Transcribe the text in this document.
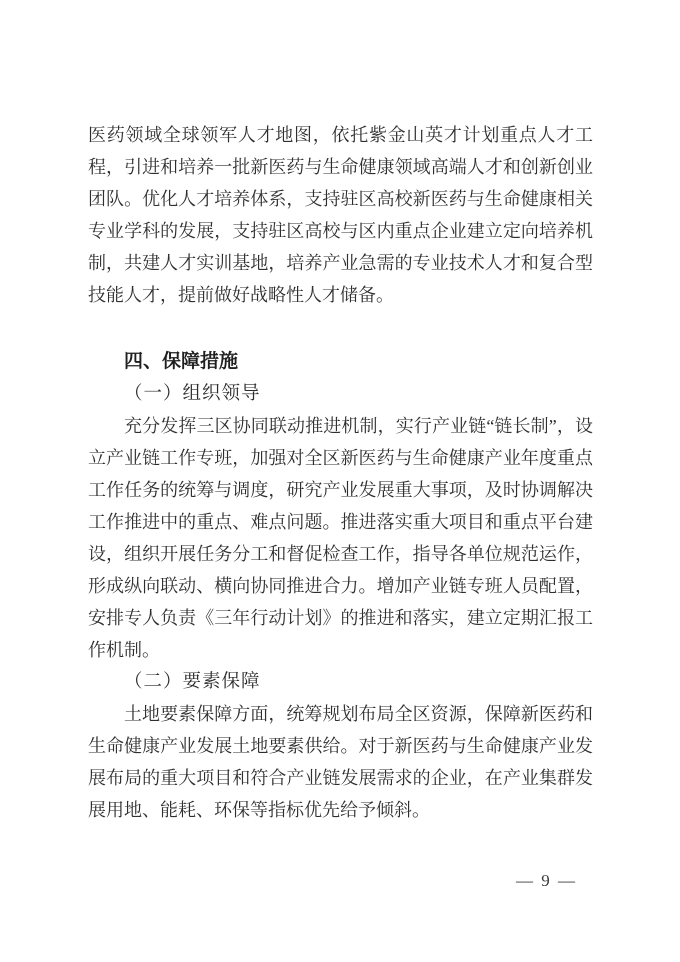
医药领域全球领军人才地图，依托紫金山英才计划重点人才工
程，引进和培养一批新医药与生命健康领域高端人才和创新创业
团队。优化人才培养体系，支持驻区高校新医药与生命健康相关
专业学科的发展，支持驻区高校与区内重点企业建立定向培养机
制，共建人才实训基地，培养产业急需的专业技术人才和复合型
技能人才，提前做好战略性人才储备。
四、保障措施
（一）组织领导
充分发挥三区协同联动推进机制，实行产业链“链长制”，设
立产业链工作专班，加强对全区新医药与生命健康产业年度重点
工作任务的统筹与调度，研究产业发展重大事项，及时协调解决
工作推进中的重点、难点问题。推进落实重大项目和重点平台建
设，组织开展任务分工和督促检查工作，指导各单位规范运作，
形成纵向联动、横向协同推进合力。增加产业链专班人员配置，
安排专人负责《三年行动计划》的推进和落实，建立定期汇报工
作机制。
（二）要素保障
土地要素保障方面，统筹规划布局全区资源，保障新医药和
生命健康产业发展土地要素供给。对于新医药与生命健康产业发
展布局的重大项目和符合产业链发展需求的企业，在产业集群发
展用地、能耗、环保等指标优先给予倾斜。
— 9 —
